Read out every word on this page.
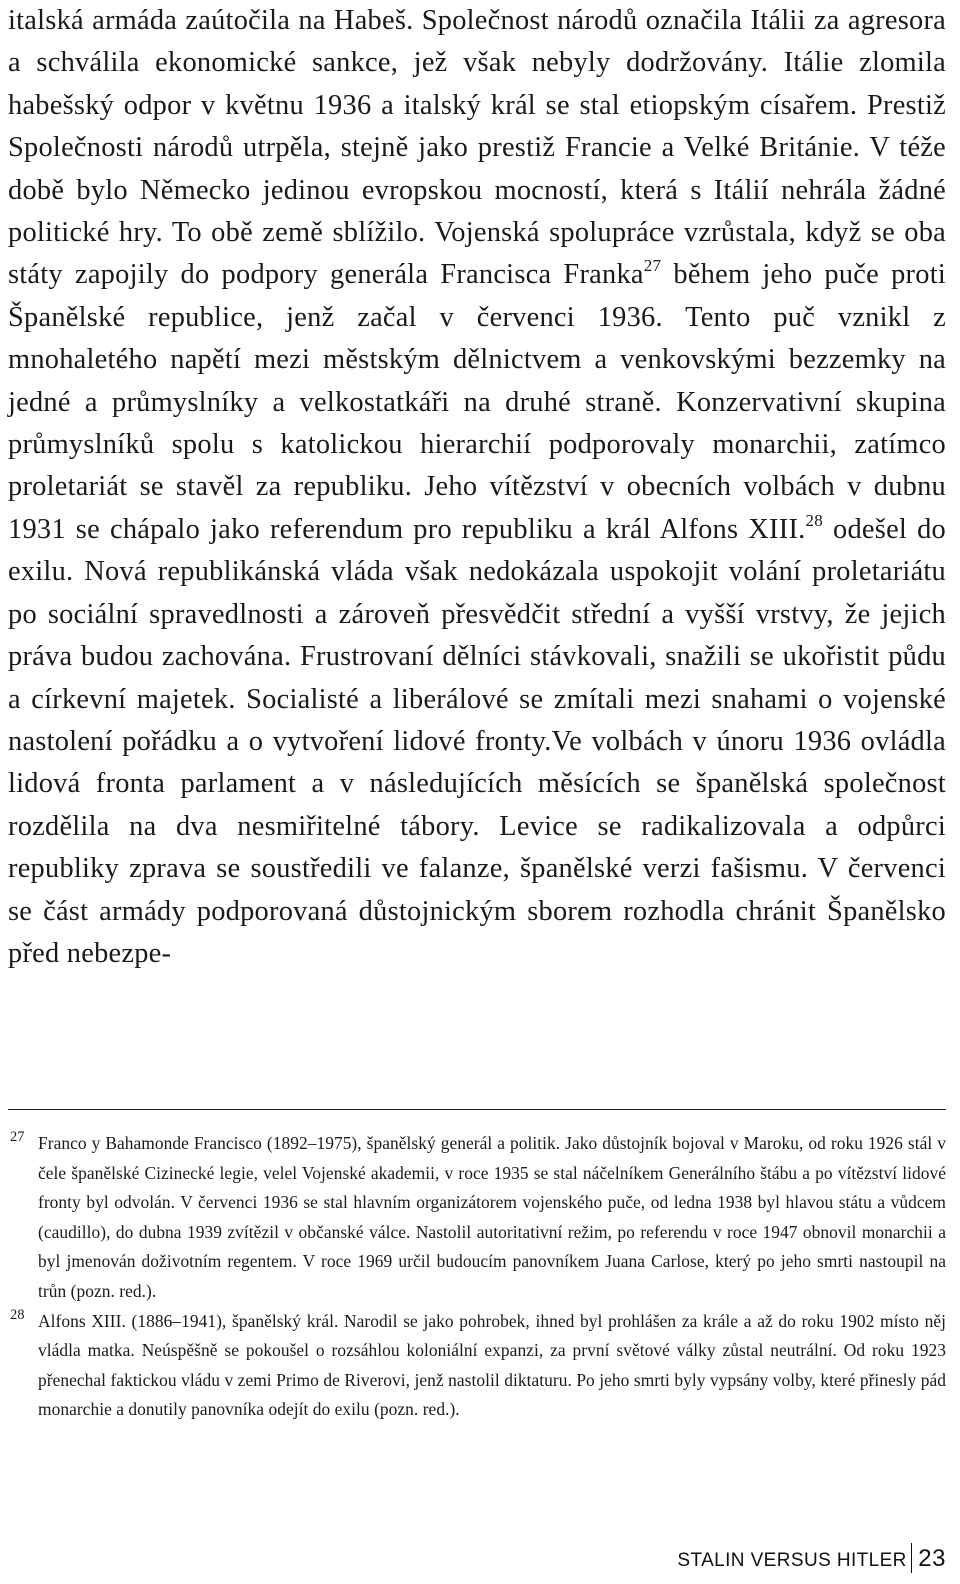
italská armáda zaútočila na Habeš. Společnost národů označila Itálii za agresora a schválila ekonomické sankce, jež však nebyly dodržovány. Itálie zlomila habešský odpor v květnu 1936 a italský král se stal etiopským císařem. Prestiž Společnosti národů utrpěla, stejně jako prestiž Francie a Velké Británie. V téže době bylo Německo jedinou evropskou mocností, která s Itálií nehrála žádné politické hry. To obě země sblížilo. Vojenská spolupráce vzrůstala, když se oba státy zapojily do podpory generála Francisca Franka$^{27}$ během jeho puče proti Španělské republice, jenž začal v červenci 1936. Tento puč vznikl z mnohaletého napětí mezi městským dělnictvem a venkovskými bezzemky na jedné a průmyslníky a velkostatkáři na druhé straně. Konzervativní skupina průmyslníků spolu s katolickou hierarchií podporovaly monarchii, zatímco proletariát se stavěl za republiku. Jeho vítězství v obecních volbách v dubnu 1931 se chápalo jako referendum pro republiku a král Alfons XIII.$^{28}$ odešel do exilu. Nová republikánská vláda však nedokázala uspokojit volání proletariátu po sociální spravedlnosti a zároveň přesvědčit střední a vyšší vrstvy, že jejich práva budou zachována. Frustrovaní dělníci stávkovali, snažili se ukořistit půdu a církevní majetek. Socialisté a liberálové se zmítali mezi snahami o vojenské nastolení pořádku a o vytvoření lidové fronty.Ve volbách v únoru 1936 ovládla lidová fronta parlament a v následujících měsících se španělská společnost rozdělila na dva nesmiřitelné tábory. Levice se radikalizovala a odpůrci republiky zprava se soustředili ve falanze, španělské verzi fašismu. V červenci se část armády podporovaná důstojnickým sborem rozhodla chránit Španělsko před nebezpe-

27 Franco y Bahamonde Francisco (1892–1975), španělský generál a politik. Jako důstojník bojoval v Maroku, od roku 1926 stál v čele španělské Cizinecké legie, velel Vojenské akademii, v roce 1935 se stal náčelníkem Generálního štábu a po vítězství lidové fronty byl odvolán. V červenci 1936 se stal hlavním organizátorem vojenského puče, od ledna 1938 byl hlavou státu a vůdcem (caudillo), do dubna 1939 zvítězil v občanské válce. Nastolil autoritativní režim, po referendu v roce 1947 obnovil monarchii a byl jmenován doživotním regentem. V roce 1969 určil budoucím panovníkem Juana Carlose, který po jeho smrti nastoupil na trůn (pozn. red.).

28 Alfons XIII. (1886–1941), španělský král. Narodil se jako pohrobek, ihned byl prohlášen za krále a až do roku 1902 místo něj vládla matka. Neúspěšně se pokoušel o rozsáhlou koloniální expanzi, za první světové války zůstal neutrální. Od roku 1923 přenechal faktickou vládu v zemi Primo de Riverovi, jenž nastolil diktaturu. Po jeho smrti byly vypsány volby, které přinesly pád monarchie a donutily panovníka odejít do exilu (pozn. red.).

STALIN VERSUS HITLER 23
